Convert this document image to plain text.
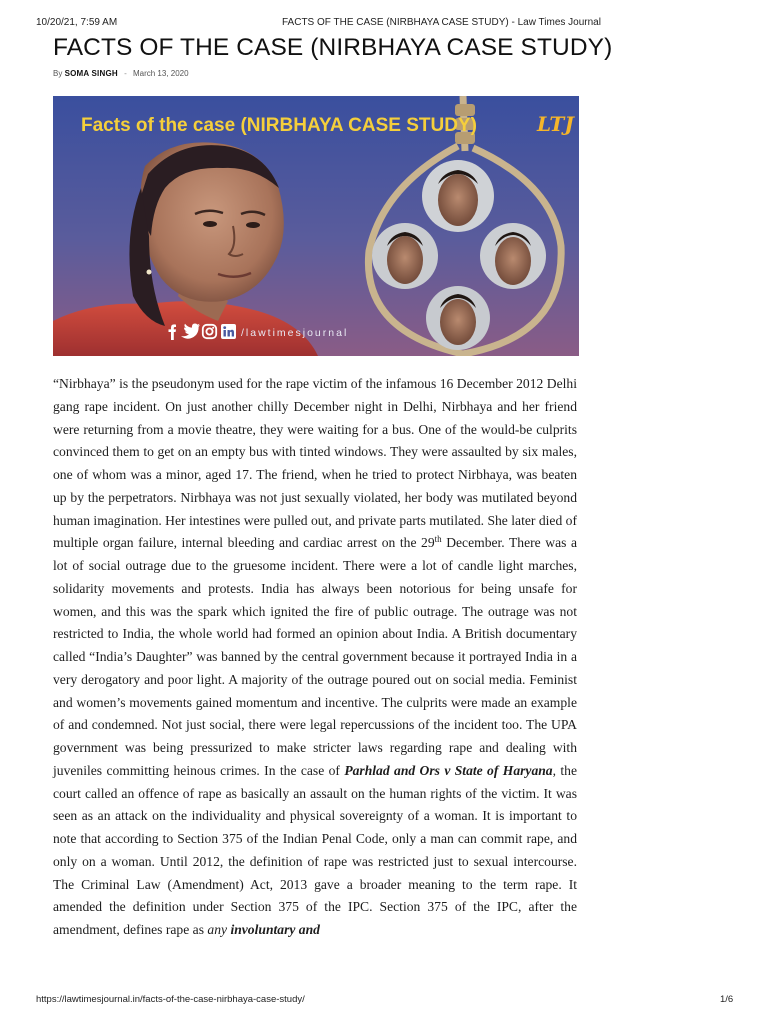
10/20/21, 7:59 AM	FACTS OF THE CASE (NIRBHAYA CASE STUDY) - Law Times Journal
FACTS OF THE CASE (NIRBHAYA CASE STUDY)
By SOMA SINGH - March 13, 2020
Facts of the case (NIRBHAYA CASE STUDY)	LTJ
/lawtimesjournal

“Nirbhaya” is the pseudonym used for the rape victim of the infamous 16 December 2012 Delhi gang rape incident. On just another chilly December night in Delhi, Nirbhaya and her friend were returning from a movie theatre, they were waiting for a bus. One of the would-be culprits convinced them to get on an empty bus with tinted windows. They were assaulted by six males, one of whom was a minor, aged 17. The friend, when he tried to protect Nirbhaya, was beaten up by the perpetrators. Nirbhaya was not just sexually violated, her body was mutilated beyond human imagination. Her intestines were pulled out, and private parts mutilated. She later died of multiple organ failure, internal bleeding and cardiac arrest on the 29th December. There was a lot of social outrage due to the gruesome incident. There were a lot of candle light marches, solidarity movements and protests. India has always been notorious for being unsafe for women, and this was the spark which ignited the fire of public outrage. The outrage was not restricted to India, the whole world had formed an opinion about India. A British documentary called “India’s Daughter” was banned by the central government because it portrayed India in a very derogatory and poor light. A majority of the outrage poured out on social media. Feminist and women’s movements gained momentum and incentive. The culprits were made an example of and condemned. Not just social, there were legal repercussions of the incident too. The UPA government was being pressurized to make stricter laws regarding rape and dealing with juveniles committing heinous crimes. In the case of Parhlad and Ors v State of Haryana, the court called an offence of rape as basically an assault on the human rights of the victim. It was seen as an attack on the individuality and physical sovereignty of a woman. It is important to note that according to Section 375 of the Indian Penal Code, only a man can commit rape, and only on a woman. Until 2012, the definition of rape was restricted just to sexual intercourse. The Criminal Law (Amendment) Act, 2013 gave a broader meaning to the term rape. It amended the definition under Section 375 of the IPC. Section 375 of the IPC, after the amendment, defines rape as any involuntary and

https://lawtimesjournal.in/facts-of-the-case-nirbhaya-case-study/	1/6
